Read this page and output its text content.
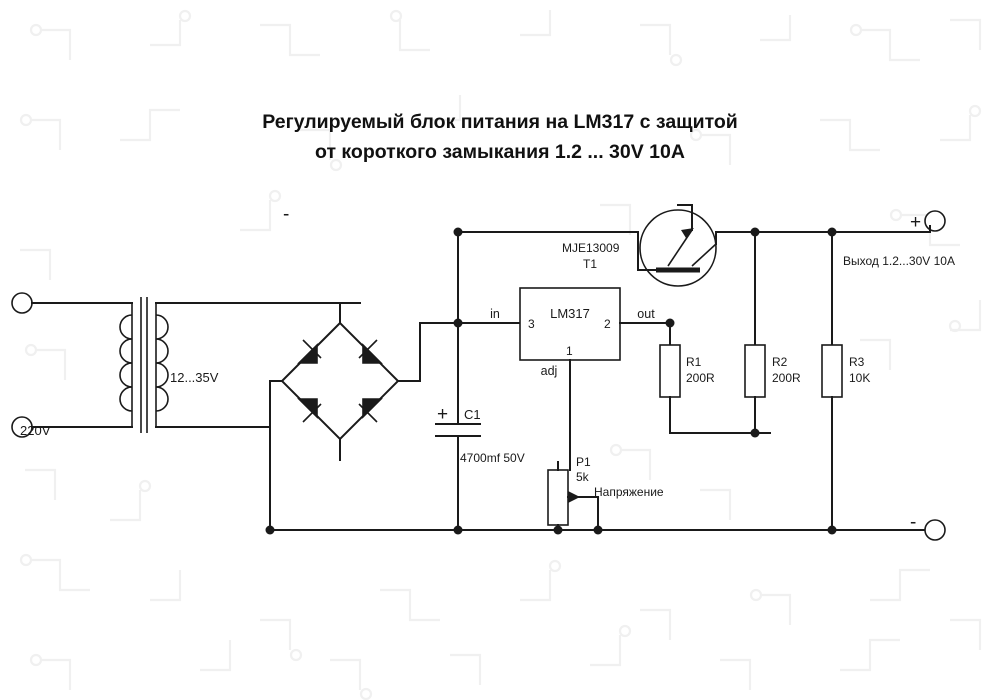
Регулируемый блок питания на LM317 с защитой
от короткого замыкания 1.2 ... 30V 10A
220V
12...35V
-
+ C1
4700mf 50V
LM317
in	out
adj
3	2
1
MJE13009
T1
R1
200R
R2
200R
R3
10K
P1
5k
Напряжение
+
-
Выход 1.2...30V 10A
